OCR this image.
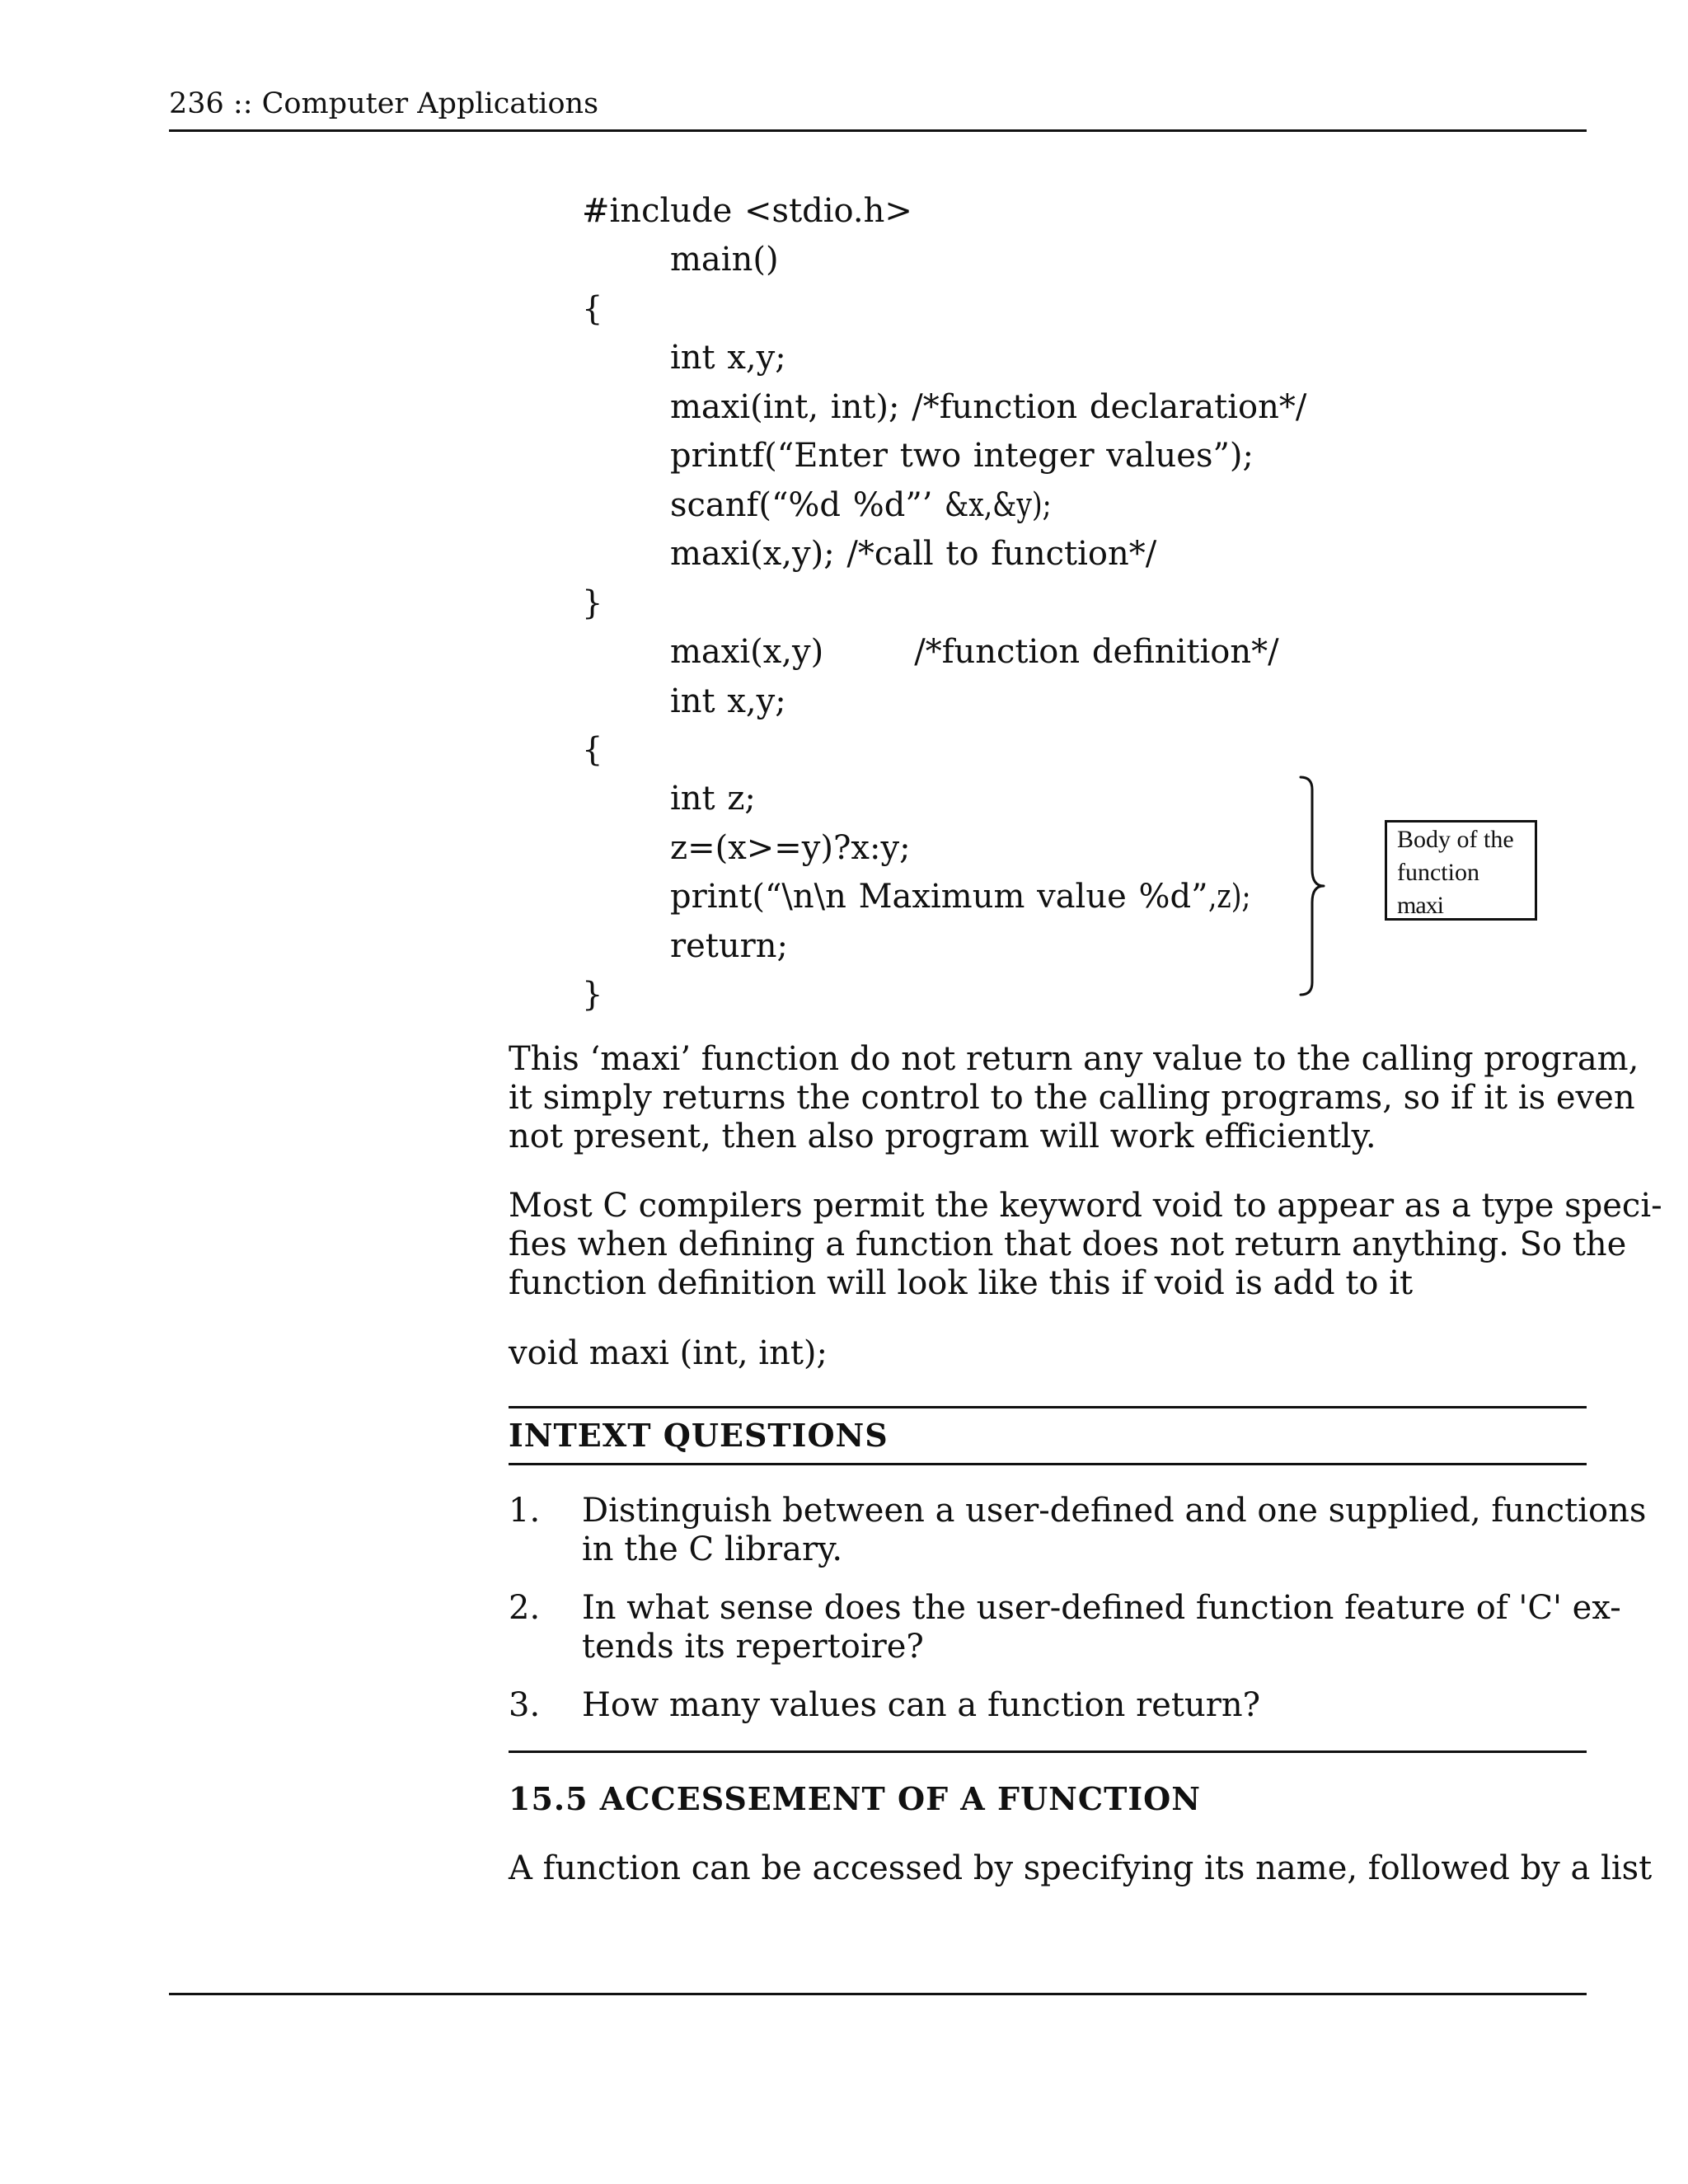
236 :: Computer Applications
#include <stdio.h>
main()
{
int x,y;
maxi(int, int); /*function declaration*/
printf(“Enter two integer values”);
scanf(“%d %d”’ &x,&y);
maxi(x,y); /*call to function*/
}
maxi(x,y)	/*function definition*/
int x,y;
{
int z;
z=(x>=y)?x:y;
print(“\n\n Maximum value %d”,z);
return;
}
Body of the
function
maxi
This ‘maxi’ function do not return any value to the calling program,
it simply returns the control to the calling programs, so if it is even
not present, then also program will work efficiently.
Most C compilers permit the keyword void to appear as a type speci-
fies when defining a function that does not return anything. So the
function definition will look like this if void is add to it
void maxi (int, int);
INTEXT QUESTIONS
1. Distinguish between a user-defined and one supplied, functions
in the C library.
2. In what sense does the user-defined function feature of 'C' ex-
tends its repertoire?
3. How many values can a function return?
15.5 ACCESSEMENT OF A FUNCTION
A function can be accessed by specifying its name, followed by a list
